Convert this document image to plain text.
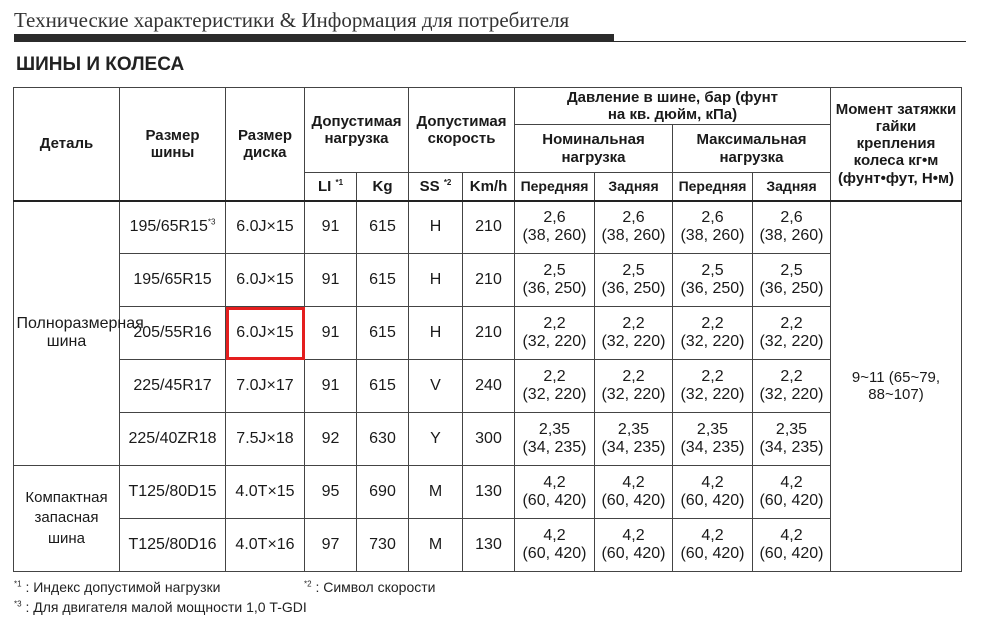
Технические характеристики & Информация для потребителя
ШИНЫ И КОЛЕСА
Деталь	Размер шины	Размер диска	Допустимая нагрузка		Допустимая скорость		Давление в шине, бар (фунт на кв. дюйм, кПа)				Момент затяжки гайки крепления колеса кг•м (фунт•фут, Н•м)

							Номинальная нагрузка		Максимальная нагрузка		

			LI $^{*1}$	Kg	SS $^{*2}$	Km/h	Передняя	Задняя	Передняя	Задняя	

Полноразмерная шина	195/65R15$^{*3}$	6.0J×15	91	615	H	210	2,6
(38, 260)	2,6
(38, 260)	2,6
(38, 260)	2,6
(38, 260)	9~11 (65~79, 88~107)

	195/65R15	6.0J×15	91	615	H	210	2,5
(36, 250)	2,5
(36, 250)	2,5
(36, 250)	2,5
(36, 250)	

	205/55R16	6.0J×15	91	615	H	210	2,2
(32, 220)	2,2
(32, 220)	2,2
(32, 220)	2,2
(32, 220)	

	225/45R17	7.0J×17	91	615	V	240	2,2
(32, 220)	2,2
(32, 220)	2,2
(32, 220)	2,2
(32, 220)	

	225/40ZR18	7.5J×18	92	630	Y	300	2,35
(34, 235)	2,35
(34, 235)	2,35
(34, 235)	2,35
(34, 235)	

Компактная запасная шина	T125/80D15	4.0T×15	95	690	M	130	4,2
(60, 420)	4,2
(60, 420)	4,2
(60, 420)	4,2
(60, 420)	

	T125/80D16	4.0T×16	97	730	M	130	4,2
(60, 420)	4,2
(60, 420)	4,2
(60, 420)	4,2
(60, 420)	
$^{*1}$ : Индекс допустимой нагрузки	$^{*2}$ : Символ скорости
$^{*3}$ : Для двигателя малой мощности 1,0 T-GDI
